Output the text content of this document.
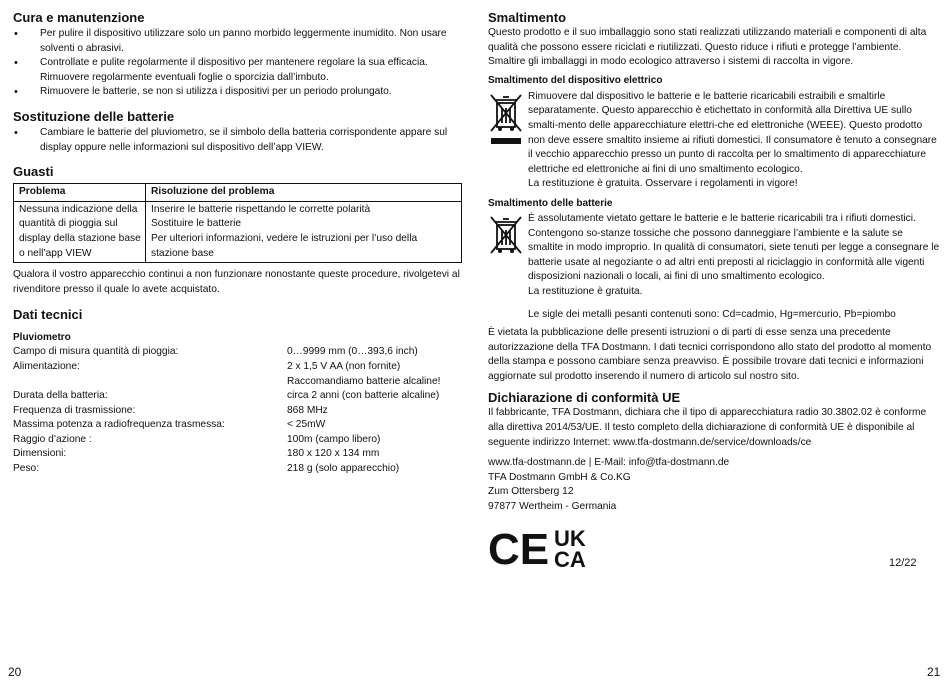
Cura e manutenzione
• Per pulire il dispositivo utilizzare solo un panno morbido leggermente inumidito. Non usare solventi o abrasivi.
• Controllate e pulite regolarmente il dispositivo per mantenere regolare la sua efficacia. Rimuovere regolarmente eventuali foglie o sporcizia dall’imbuto.
• Rimuovere le batterie, se non si utilizza i dispositivi per un periodo prolungato.
Sostituzione delle batterie
• Cambiare le batterie del pluviometro, se il simbolo della batteria corrispondente appare sul display oppure nelle informazioni sul dispositivo dell’app VIEW.
Guasti
Problema	Risoluzione del problema
Nessuna indicazione della quantità di pioggia sul display della stazione base o nell’app VIEW	Inserire le batterie rispettando le corrette polarità
Sostituire le batterie
Per ulteriori informazioni, vedere le istruzioni per l’uso della stazione base

Qualora il vostro apparecchio continui a non funzionare nonostante queste procedure, rivolgetevi al rivenditore presso il quale lo avete acquistato.

Dati tecnici
Pluviometro
Campo di misura quantità di pioggia:	0…9999 mm (0…393,6 inch)
Alimentazione:	2 x 1,5 V AA (non fornite)
Raccomandiamo batterie alcaline!
Durata della batteria:	circa 2 anni (con batterie alcaline)
Frequenza di trasmissione:	868 MHz
Massima potenza a radiofrequenza trasmessa:	< 25mW
Raggio d’azione :	100m (campo libero)
Dimensioni:	180 x 120 x 134 mm
Peso:	218 g (solo apparecchio)
Smaltimento

Questo prodotto e il suo imballaggio sono stati realizzati utilizzando materiali e componenti di alta qualità che possono essere riciclati e riutilizzati. Questo riduce i rifiuti e protegge l’ambiente. Smaltire gli imballaggi in modo ecologico attraverso i sistemi di raccolta in vigore.

Smaltimento del dispositivo elettrico

Rimuovere dal dispositivo le batterie e le batterie ricaricabili estraibili e smaltirle separatamente. Questo apparecchio è etichettato in conformità alla Direttiva UE sullo smalti-mento delle apparecchiature elettri-che ed elettroniche (WEEE). Questo prodotto non deve essere smaltito insieme ai rifiuti domestici. Il consumatore è tenuto a consegnare il vecchio apparecchio presso un punto di raccolta per lo smaltimento di apparecchiature elettriche ed elettroniche ai fini di uno smaltimento ecologico.

La restituzione è gratuita. Osservare i regolamenti in vigore!

Smaltimento delle batterie

È assolutamente vietato gettare le batterie e le batterie ricaricabili tra i rifiuti domestici. Contengono so-stanze tossiche che possono danneggiare l’ambiente e la salute se smaltite in modo improprio. In qualità di consumatori, siete tenuti per legge a consegnare le batterie usate al negoziante o ad altri enti preposti al riciclaggio in conformità alle vigenti disposizioni nazionali o locali, ai fini di uno smaltimento ecologico.

La restituzione è gratuita.

Le sigle dei metalli pesanti contenuti sono: Cd=cadmio, Hg=mercurio, Pb=piombo

È vietata la pubblicazione delle presenti istruzioni o di parti di esse senza una precedente autorizzazione della TFA Dostmann. I dati tecnici corrispondono allo stato del prodotto al momento della stampa e possono cambiare senza preavviso. È possibile trovare dati tecnici e informazioni aggiornate sul prodotto inserendo il numero di articolo sul nostro sito.

Dichiarazione di conformità UE

Il fabbricante, TFA Dostmann, dichiara che il tipo di apparecchiatura radio 30.3802.02 è conforme alla direttiva 2014/53/UE. Il testo completo della dichiarazione di conformità UE è disponibile al seguente indirizzo Internet: www.tfa-dostmann.de/service/downloads/ce

www.tfa-dostmann.de | E-Mail: info@tfa-dostmann.de
TFA Dostmann GmbH & Co.KG
Zum Ottersberg 12
97877 Wertheim - Germania
CE UK
CA	12/22
20	21
